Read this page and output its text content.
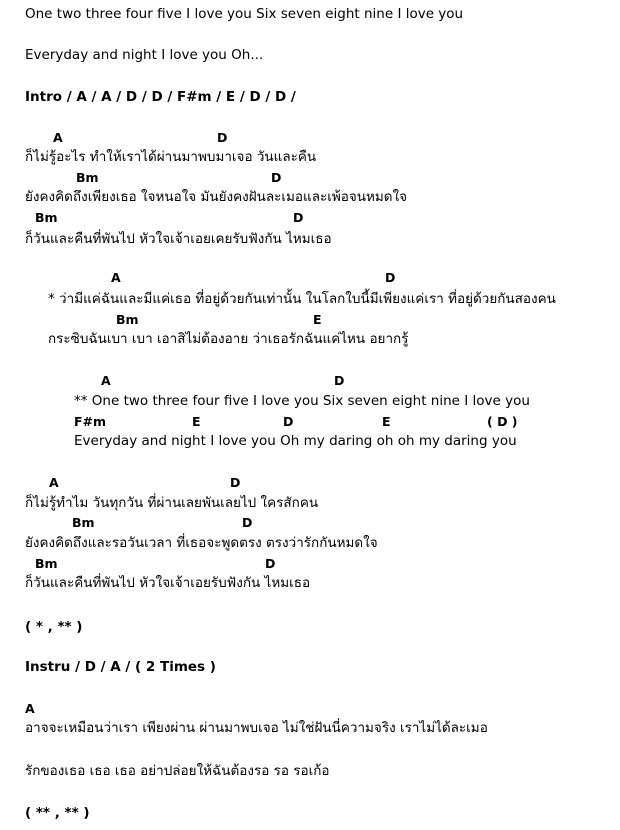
One two three four five I love you Six seven eight nine I love you
Everyday and night I love you Oh...
Intro / A / A / D / D / F#m / E / D / D /
A	D
ก็ไม่รู้อะไร ทำให้เราได้ผ่านมาพบมาเจอ วันและคืน
Bm	D
ยังคงคิดถึงเพียงเธอ ใจหนอใจ มันยังคงฝันละเมอและเพ้อจนหมดใจ
Bm	D
ก็วันและคืนที่พันไป หัวใจเจ้าเอยเคยรับฟังกัน ไหมเธอ
A	D
* ว่ามีแค่ฉันและมีแค่เธอ ที่อยู่ด้วยกันเท่านั้น ในโลกใบนี้มีเพียงแค่เรา ที่อยู่ด้วยกันสองคน
Bm	E
กระซิบฉันเบา เบา เอาสิไม่ต้องอาย ว่าเธอรักฉันแค่ไหน อยากรู้
A	D
** One two three four five I love you Six seven eight nine I love you
F#m	E	D	E	( D )
Everyday and night I love you Oh my daring oh oh my daring you
A	D
ก็ไม่รู้ทำไม วันทุกวัน ที่ผ่านเลยพันเลยไป ใครสักคน
Bm	D
ยังคงคิดถึงและรอวันเวลา ที่เธอจะพูดตรง ตรงว่ารักกันหมดใจ
Bm	D
ก็วันและคืนที่พันไป หัวใจเจ้าเอยรับฟังกัน ไหมเธอ
( * , ** )
Instru / D / A / ( 2 Times )
A
อาจจะเหมือนว่าเรา เพียงผ่าน ผ่านมาพบเจอ ไม่ใช่ฝันนี่ความจริง เราไม่ได้ละเมอ
รักของเธอ เธอ เธอ อย่าปล่อยให้ฉันต้องรอ รอ รอเก้อ
( ** , ** )
